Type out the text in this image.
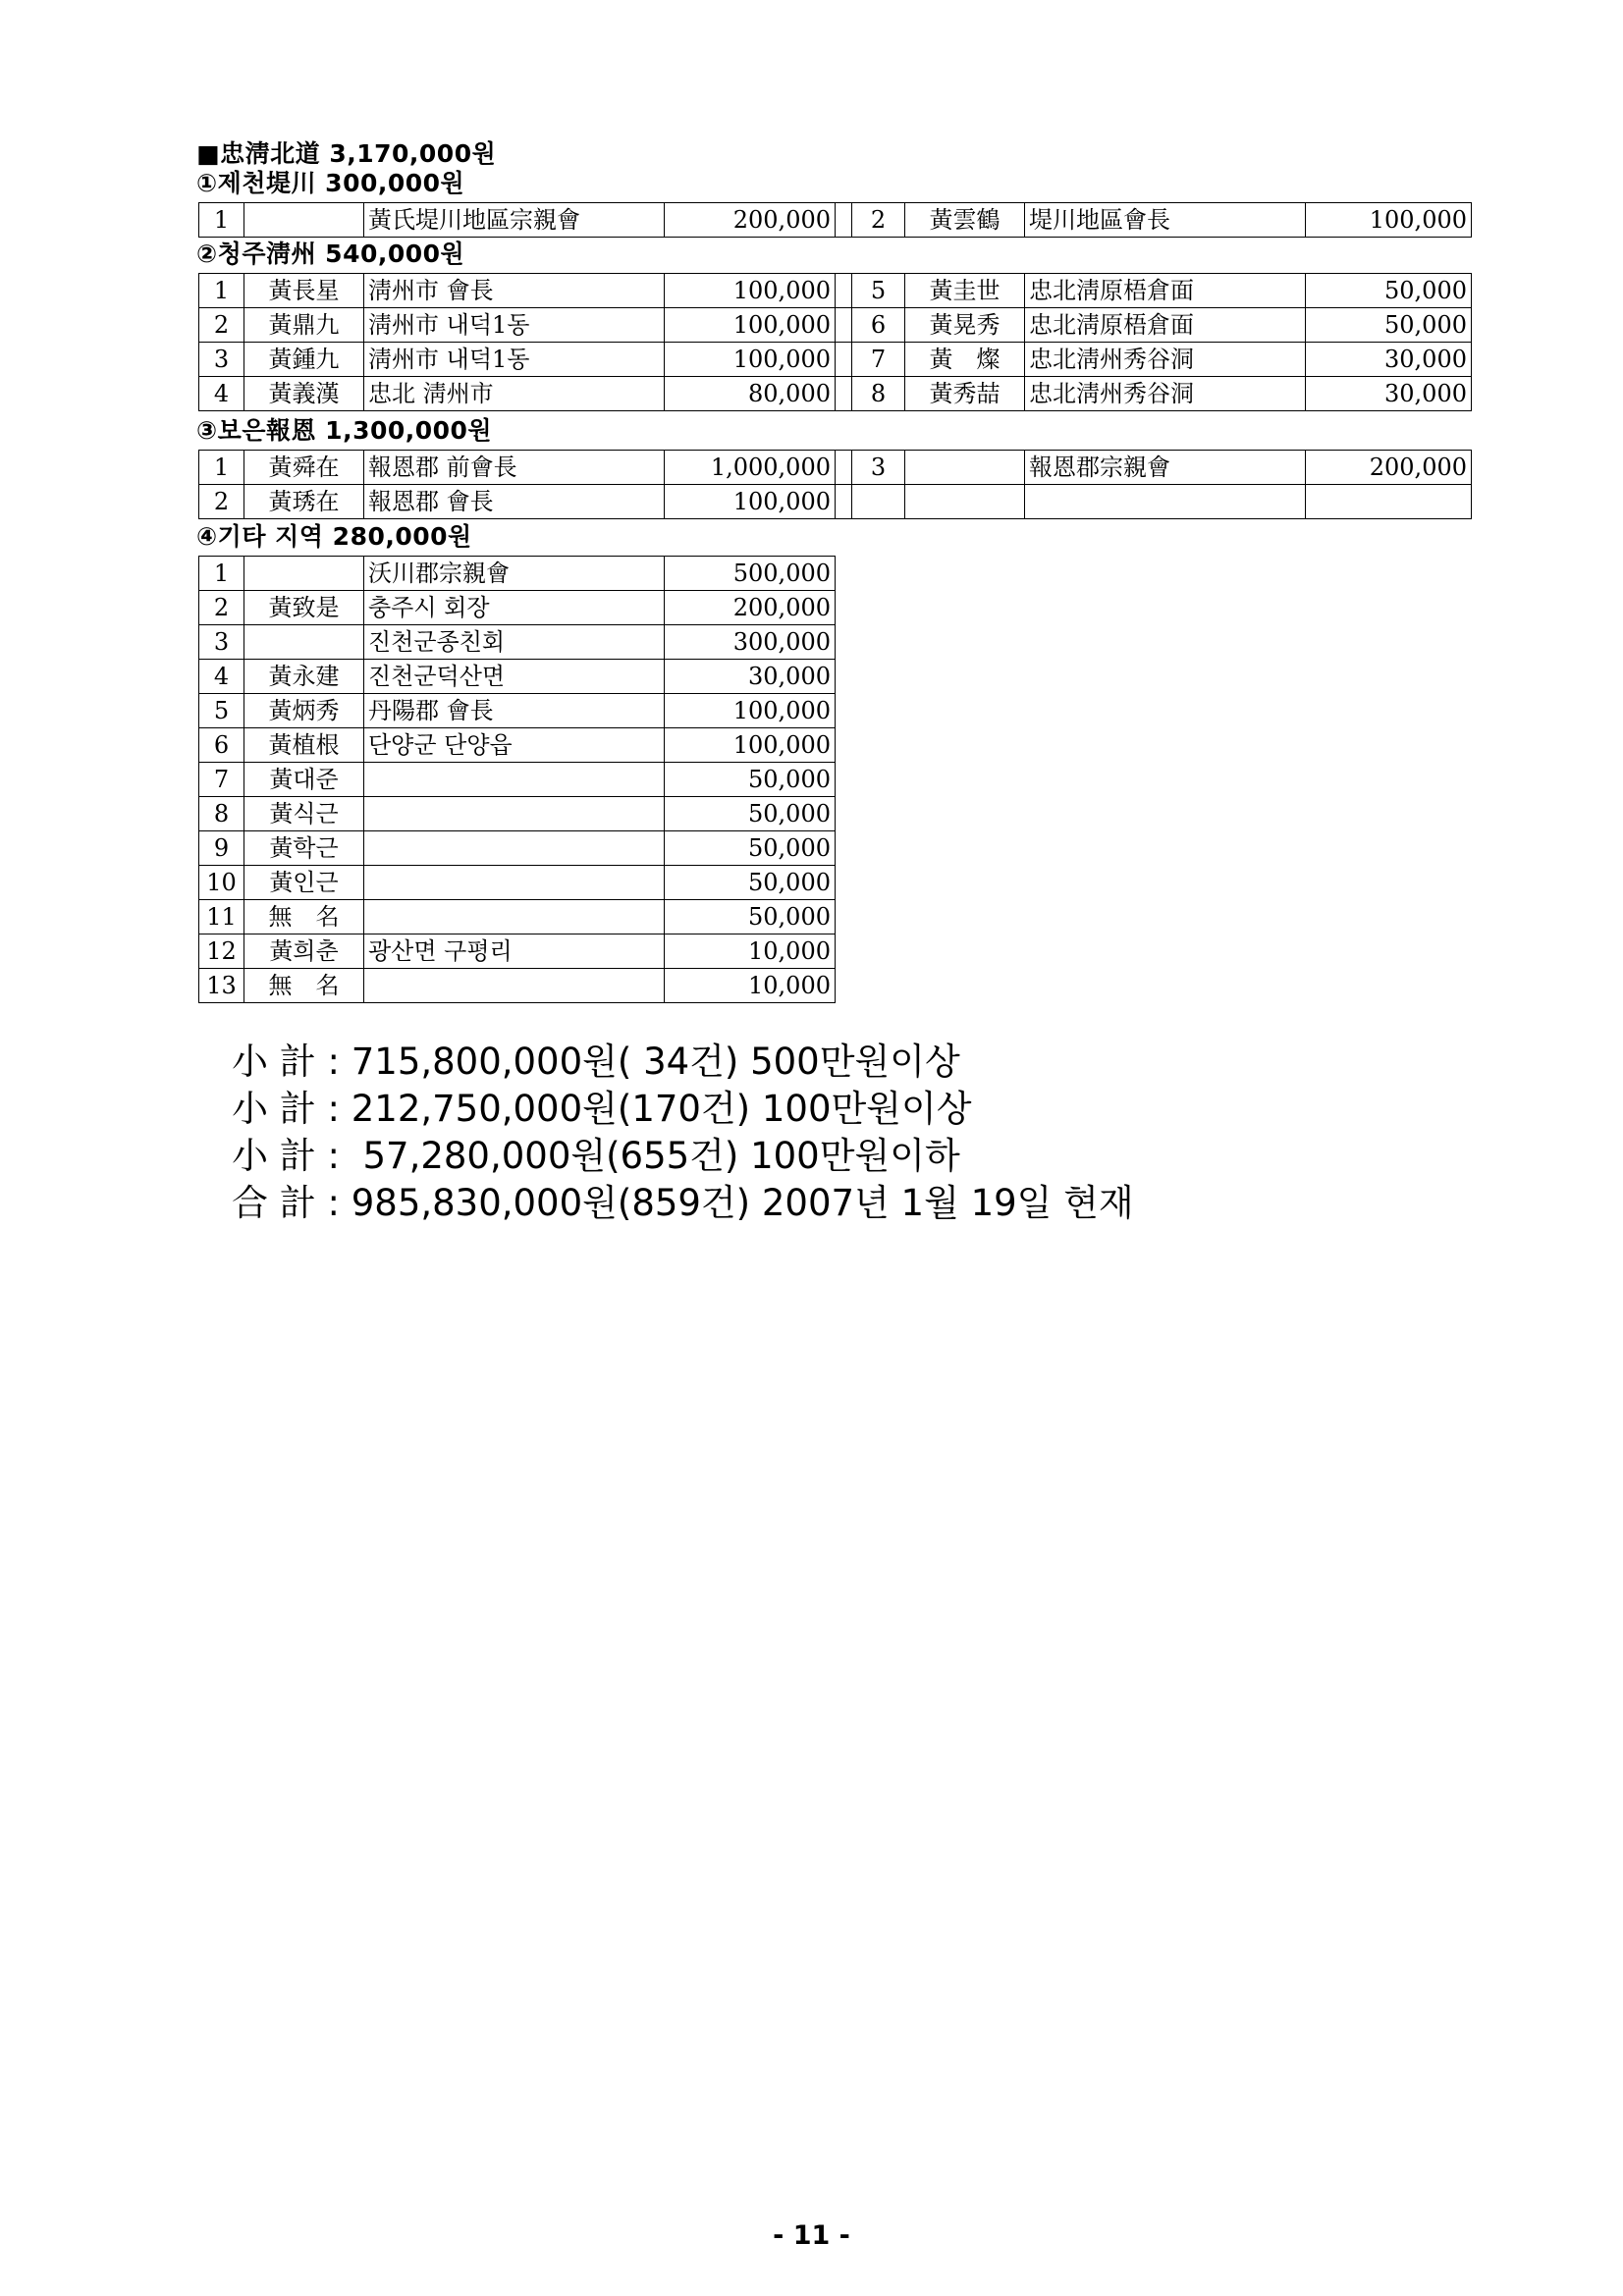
■忠淸北道 3,170,000원
①제천堤川 300,000원
1		黃氏堤川地區宗親會	200,000		2	黃雲鶴	堤川地區會長	100,000
②청주淸州 540,000원
1	黃長星	淸州市 會長	100,000		5	黃圭世	忠北淸原梧倉面	50,000
2	黃鼎九	淸州市 내덕1동	100,000		6	黃晃秀	忠北淸原梧倉面	50,000
3	黃鍾九	淸州市 내덕1동	100,000		7	黃　燦	忠北淸州秀谷洞	30,000
4	黃義漢	忠北 淸州市	80,000		8	黃秀喆	忠北淸州秀谷洞	30,000
③보은報恩 1,300,000원
1	黃舜在	報恩郡 前會長	1,000,000		3		報恩郡宗親會	200,000
2	黃琇在	報恩郡 會長	100,000					
④기타 지역 280,000원
1		沃川郡宗親會	500,000
2	黃致是	충주시 회장	200,000
3		진천군종친회	300,000
4	黃永建	진천군덕산면	30,000
5	黃炳秀	丹陽郡 會長	100,000
6	黃植根	단양군 단양읍	100,000
7	黃대준		50,000
8	黃식근		50,000
9	黃학근		50,000
10	黃인근		50,000
11	無　名		50,000
12	黃희춘	광산면 구평리	10,000
13	無　名		10,000
小 計 : 715,800,000원( 34건) 500만원이상
小 計 : 212,750,000원(170건) 100만원이상
小 計 :  57,280,000원(655건) 100만원이하
合 計 : 985,830,000원(859건) 2007년 1월 19일 현재
- 11 -
